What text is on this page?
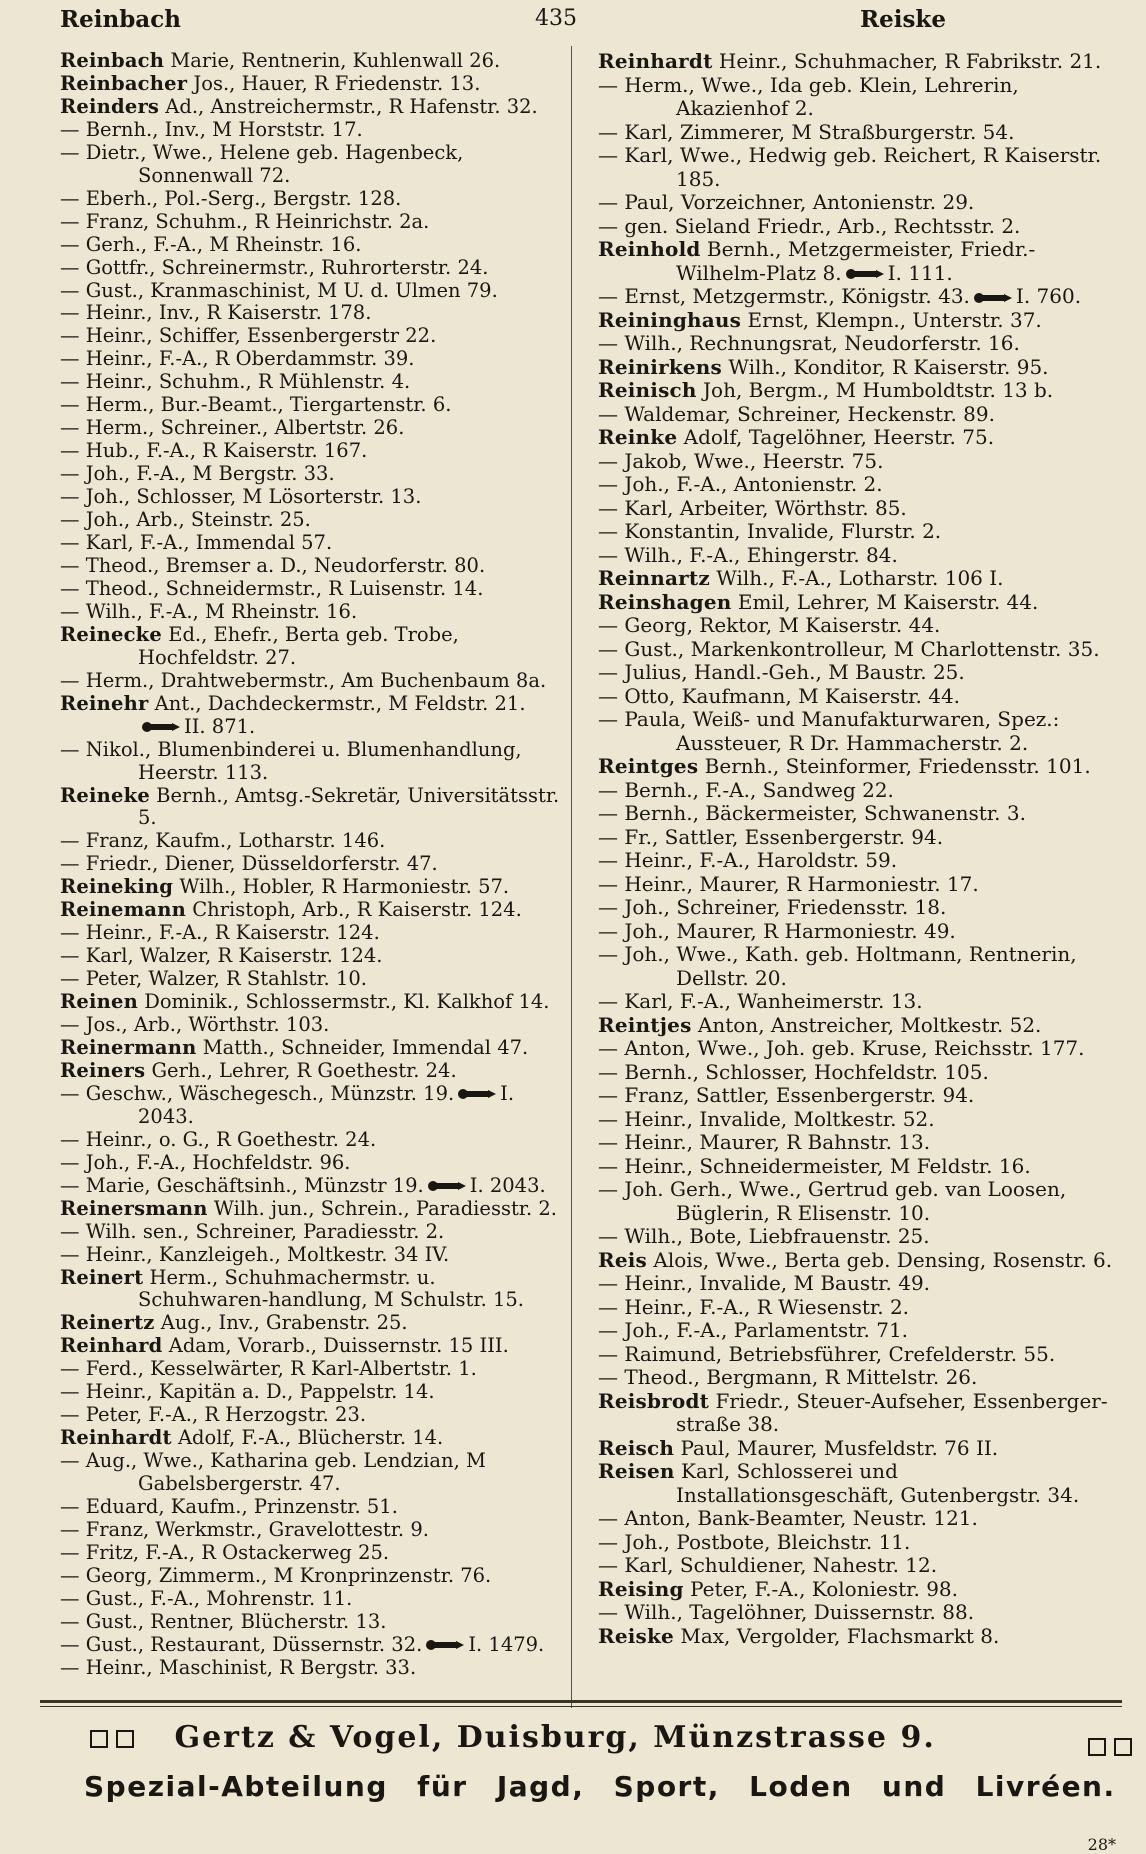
Reinbach	435	Reiske

Reinbach Marie, Rentnerin, Kuhlenwall 26.

Reinbacher Jos., Hauer, R Friedenstr. 13.

Reinders Ad., Anstreichermstr., R Hafenstr. 32.

— Bernh., Inv., M Horststr. 17.

— Dietr., Wwe., Helene geb. Hagenbeck, Sonnenwall 72.

— Eberh., Pol.-Serg., Bergstr. 128.

— Franz, Schuhm., R Heinrichstr. 2a.

— Gerh., F.-A., M Rheinstr. 16.

— Gottfr., Schreinermstr., Ruhrorterstr. 24.

— Gust., Kranmaschinist, M U. d. Ulmen 79.

— Heinr., Inv., R Kaiserstr. 178.

— Heinr., Schiffer, Essenbergerstr 22.

— Heinr., F.-A., R Oberdammstr. 39.

— Heinr., Schuhm., R Mühlenstr. 4.

— Herm., Bur.-Beamt., Tiergartenstr. 6.

— Herm., Schreiner., Albertstr. 26.

— Hub., F.-A., R Kaiserstr. 167.

— Joh., F.-A., M Bergstr. 33.

— Joh., Schlosser, M Lösorterstr. 13.

— Joh., Arb., Steinstr. 25.

— Karl, F.-A., Immendal 57.

— Theod., Bremser a. D., Neudorferstr. 80.

— Theod., Schneidermstr., R Luisenstr. 14.

— Wilh., F.-A., M Rheinstr. 16.

Reinecke Ed., Ehefr., Berta geb. Trobe, Hochfeldstr. 27.

— Herm., Drahtwebermstr., Am Buchenbaum 8a.

Reinehr Ant., Dachdeckermstr., M Feldstr. 21.
II. 871.

— Nikol., Blumenbinderei u. Blumenhandlung, Heerstr. 113.

Reineke Bernh., Amtsg.-Sekretär, Universitätsstr. 5.

— Franz, Kaufm., Lotharstr. 146.

— Friedr., Diener, Düsseldorferstr. 47.

Reineking Wilh., Hobler, R Harmoniestr. 57.

Reinemann Christoph, Arb., R Kaiserstr. 124.

— Heinr., F.-A., R Kaiserstr. 124.

— Karl, Walzer, R Kaiserstr. 124.

— Peter, Walzer, R Stahlstr. 10.

Reinen Dominik., Schlossermstr., Kl. Kalkhof 14.

— Jos., Arb., Wörthstr. 103.

Reinermann Matth., Schneider, Immendal 47.

Reiners Gerh., Lehrer, R Goethestr. 24.

— Geschw., Wäschegesch., Münzstr. 19. I. 2043.

— Heinr., o. G., R Goethestr. 24.

— Joh., F.-A., Hochfeldstr. 96.

— Marie, Geschäftsinh., Münzstr 19. I. 2043.

Reinersmann Wilh. jun., Schrein., Paradiesstr. 2.

— Wilh. sen., Schreiner, Paradiesstr. 2.

— Heinr., Kanzleigeh., Moltkestr. 34 IV.

Reinert Herm., Schuhmachermstr. u. Schuhwaren-handlung, M Schulstr. 15.

Reinertz Aug., Inv., Grabenstr. 25.

Reinhard Adam, Vorarb., Duissernstr. 15 III.

— Ferd., Kesselwärter, R Karl-Albertstr. 1.

— Heinr., Kapitän a. D., Pappelstr. 14.

— Peter, F.-A., R Herzogstr. 23.

Reinhardt Adolf, F.-A., Blücherstr. 14.

— Aug., Wwe., Katharina geb. Lendzian, M Gabelsbergerstr. 47.

— Eduard, Kaufm., Prinzenstr. 51.

— Franz, Werkmstr., Gravelottestr. 9.

— Fritz, F.-A., R Ostackerweg 25.

— Georg, Zimmerm., M Kronprinzenstr. 76.

— Gust., F.-A., Mohrenstr. 11.

— Gust., Rentner, Blücherstr. 13.

— Gust., Restaurant, Düssernstr. 32. I. 1479.

— Heinr., Maschinist, R Bergstr. 33.

Reinhardt Heinr., Schuhmacher, R Fabrikstr. 21.

— Herm., Wwe., Ida geb. Klein, Lehrerin, Akazienhof 2.

— Karl, Zimmerer, M Straßburgerstr. 54.

— Karl, Wwe., Hedwig geb. Reichert, R Kaiserstr. 185.

— Paul, Vorzeichner, Antonienstr. 29.

— gen. Sieland Friedr., Arb., Rechtsstr. 2.

Reinhold Bernh., Metzgermeister, Friedr.-Wilhelm-Platz 8. I. 111.

— Ernst, Metzgermstr., Königstr. 43. I. 760.

Reininghaus Ernst, Klempn., Unterstr. 37.

— Wilh., Rechnungsrat, Neudorferstr. 16.

Reinirkens Wilh., Konditor, R Kaiserstr. 95.

Reinisch Joh, Bergm., M Humboldtstr. 13 b.

— Waldemar, Schreiner, Heckenstr. 89.

Reinke Adolf, Tagelöhner, Heerstr. 75.

— Jakob, Wwe., Heerstr. 75.

— Joh., F.-A., Antonienstr. 2.

— Karl, Arbeiter, Wörthstr. 85.

— Konstantin, Invalide, Flurstr. 2.

— Wilh., F.-A., Ehingerstr. 84.

Reinnartz Wilh., F.-A., Lotharstr. 106 I.

Reinshagen Emil, Lehrer, M Kaiserstr. 44.

— Georg, Rektor, M Kaiserstr. 44.

— Gust., Markenkontrolleur, M Charlottenstr. 35.

— Julius, Handl.-Geh., M Baustr. 25.

— Otto, Kaufmann, M Kaiserstr. 44.

— Paula, Weiß- und Manufakturwaren, Spez.: Aussteuer, R Dr. Hammacherstr. 2.

Reintges Bernh., Steinformer, Friedensstr. 101.

— Bernh., F.-A., Sandweg 22.

— Bernh., Bäckermeister, Schwanenstr. 3.

— Fr., Sattler, Essenbergerstr. 94.

— Heinr., F.-A., Haroldstr. 59.

— Heinr., Maurer, R Harmoniestr. 17.

— Joh., Schreiner, Friedensstr. 18.

— Joh., Maurer, R Harmoniestr. 49.

— Joh., Wwe., Kath. geb. Holtmann, Rentnerin, Dellstr. 20.

— Karl, F.-A., Wanheimerstr. 13.

Reintjes Anton, Anstreicher, Moltkestr. 52.

— Anton, Wwe., Joh. geb. Kruse, Reichsstr. 177.

— Bernh., Schlosser, Hochfeldstr. 105.

— Franz, Sattler, Essenbergerstr. 94.

— Heinr., Invalide, Moltkestr. 52.

— Heinr., Maurer, R Bahnstr. 13.

— Heinr., Schneidermeister, M Feldstr. 16.

— Joh. Gerh., Wwe., Gertrud geb. van Loosen, Büglerin, R Elisenstr. 10.

— Wilh., Bote, Liebfrauenstr. 25.

Reis Alois, Wwe., Berta geb. Densing, Rosenstr. 6.

— Heinr., Invalide, M Baustr. 49.

— Heinr., F.-A., R Wiesenstr. 2.

— Joh., F.-A., Parlamentstr. 71.

— Raimund, Betriebsführer, Crefelderstr. 55.

— Theod., Bergmann, R Mittelstr. 26.

Reisbrodt Friedr., Steuer-Aufseher, Essenberger-straße 38.

Reisch Paul, Maurer, Musfeldstr. 76 II.

Reisen Karl, Schlosserei und Installationsgeschäft, Gutenbergstr. 34.

— Anton, Bank-Beamter, Neustr. 121.

— Joh., Postbote, Bleichstr. 11.

— Karl, Schuldiener, Nahestr. 12.

Reising Peter, F.-A., Koloniestr. 98.

— Wilh., Tagelöhner, Duissernstr. 88.

Reiske Max, Vergolder, Flachsmarkt 8.

Gertz & Vogel, Duisburg, Münzstrasse 9.
Spezial-Abteilung für Jagd, Sport, Loden und Livréen.
28*
